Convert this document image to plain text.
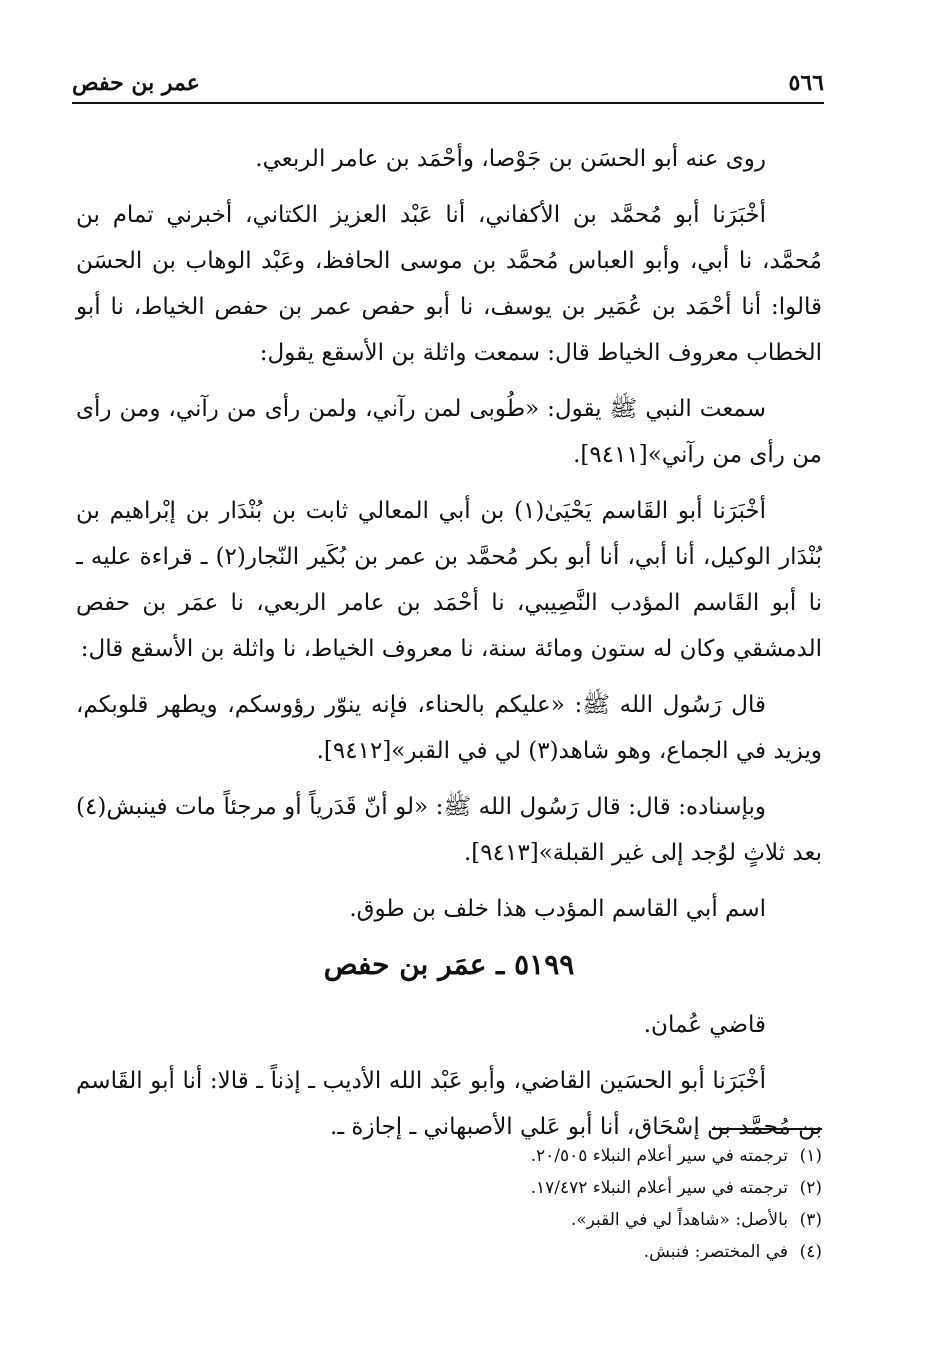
٥٦٦
عمر بن حفص

روى عنه أبو الحسَن بن جَوْصا، وأحْمَد بن عامر الربعي.

أخْبَرَنا أبو مُحمَّد بن الأكفاني، أنا عَبْد العزيز الكتاني، أخبرني تمام بن مُحمَّد، نا أبي، وأبو العباس مُحمَّد بن موسى الحافظ، وعَبْد الوهاب بن الحسَن قالوا: أنا أحْمَد بن عُمَير بن يوسف، نا أبو حفص عمر بن حفص الخياط، نا أبو الخطاب معروف الخياط قال: سمعت واثلة بن الأسقع يقول:

سمعت النبي ﷺ يقول: «طُوبى لمن رآني، ولمن رأى من رآني، ومن رأى من رأى من رآني»[٩٤١١].

أخْبَرَنا أبو القَاسم يَحْيَىٰ(١) بن أبي المعالي ثابت بن بُنْدَار بن إبْراهيم بن بُنْدَار الوكيل، أنا أبي، أنا أبو بكر مُحمَّد بن عمر بن بُكَير النّجار(٢) ـ قراءة عليه ـ نا أبو القَاسم المؤدب النَّصِيبي، نا أحْمَد بن عامر الربعي، نا عمَر بن حفص الدمشقي وكان له ستون ومائة سنة، نا معروف الخياط، نا واثلة بن الأسقع قال:

قال رَسُول الله ﷺ: «عليكم بالحناء، فإنه ينوّر رؤوسكم، ويطهر قلوبكم، ويزيد في الجماع، وهو شاهد(٣) لي في القبر»[٩٤١٢].

وبإسناده: قال: قال رَسُول الله ﷺ: «لو أنّ قَدَرياً أو مرجئاً مات فينبش(٤) بعد ثلاثٍ لوُجد إلى غير القبلة»[٩٤١٣].

اسم أبي القاسم المؤدب هذا خلف بن طوق.

٥١٩٩ ـ عمَر بن حفص

قاضي عُمان.

أخْبَرَنا أبو الحسَين القاضي، وأبو عَبْد الله الأديب ـ إذناً ـ قالا: أنا أبو القَاسم بن مُحمَّد بن إسْحَاق، أنا أبو عَلي الأصبهاني ـ إجازة ـ.

(١)
ترجمته في سير أعلام النبلاء ٢٠/٥٠٥.
(٢)
ترجمته في سير أعلام النبلاء ١٧/٤٧٢.
(٣)
بالأصل: «شاهداً لي في القبر».
(٤)
في المختصر: فنبش.
